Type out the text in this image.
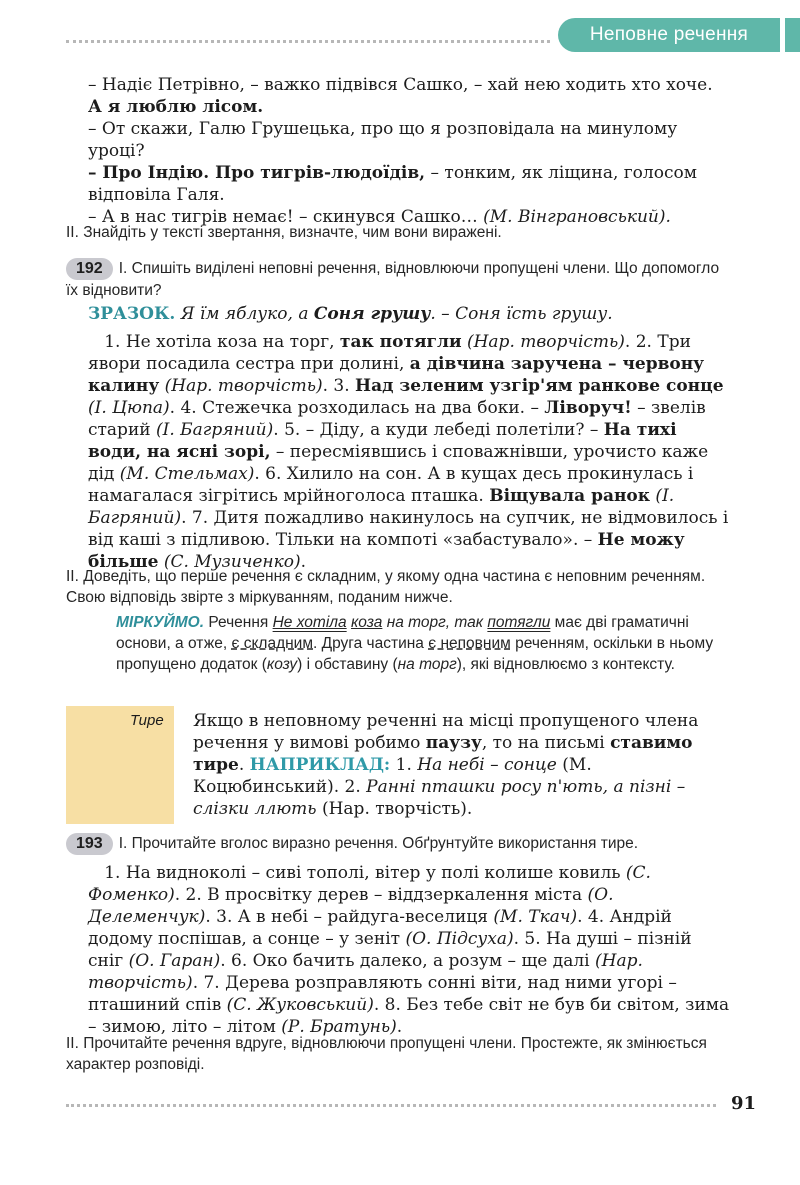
Неповне речення

– Надіє Петрівно, – важко підвівся Сашко, – хай нею ходить хто хоче. А я люблю лісом.

– От скажи, Галю Грушецька, про що я розповідала на минулому уроці?

– Про Індію. Про тигрів-людоїдів, – тонким, як ліщина, голосом відповіла Галя.

– А в нас тигрів немає! – скинувся Сашко… (М. Вінграновський).

ІІ. Знайдіть у тексті звертання, визначте, чим вони виражені.
192 І. Спишіть виділені неповні речення, відновлюючи пропущені члени. Що допомогло їх відновити?
ЗРАЗОК. Я їм яблуко, а Соня грушу. – Соня їсть грушу.

1. Не хотіла коза на торг, так потягли (Нар. творчість). 2. Три явори посадила сестра при долині, а дівчина заручена – червону калину (Нар. творчість). 3. Над зеленим узгір'ям ранкове сонце (І. Цюпа). 4. Стежечка розходилась на два боки. – Ліворуч! – звелів старий (І. Багряний). 5. – Діду, а куди лебеді полетіли? – На тихі води, на ясні зорі, – пересміявшись і споважнівши, урочисто каже дід (М. Стельмах). 6. Хилило на сон. А в кущах десь прокинулась і намагалася зігрітись мрійноголоса пташка. Віщувала ранок (І. Багряний). 7. Дитя пожадливо накинулось на супчик, не відмовилось і від каші з підливою. Тільки на компоті «забастувало». – Не можу більше (С. Музиченко).

ІІ. Доведіть, що перше речення є складним, у якому одна частина є неповним реченням. Свою відповідь звірте з міркуванням, поданим нижче.
МІРКУЙМО. Речення Не хотіла коза на торг, так потягли має дві граматичні основи, а отже, є складним. Друга частина є неповним реченням, оскільки в ньому пропущено додаток (козу) і обставину (на торг), які відновлюємо з контексту.
Тире Якщо в неповному реченні на місці пропущеного члена речення у вимові робимо паузу, то на письмі ставимо тире. НАПРИКЛАД: 1. На небі – сонце (М. Коцюбинський). 2. Ранні пташки росу п'ють, а пізні – слізки ллють (Нар. творчість).
193 І. Прочитайте вголос виразно речення. Обґрунтуйте використання тире.

1. На видноколі – сиві тополі, вітер у полі колише ковиль (С. Фоменко). 2. В просвітку дерев – віддзеркалення міста (О. Делеменчук). 3. А в небі – райдуга-веселиця (М. Ткач). 4. Андрій додому поспішав, а сонце – у зеніт (О. Підсуха). 5. На душі – пізній сніг (О. Гаран). 6. Око бачить далеко, а розум – ще далі (Нар. творчість). 7. Дерева розправляють сонні віти, над ними угорі – пташиний спів (С. Жуковський). 8. Без тебе світ не був би світом, зима – зимою, літо – літом (Р. Братунь).

ІІ. Прочитайте речення вдруге, відновлюючи пропущені члени. Простежте, як змінюється характер розповіді.
91
